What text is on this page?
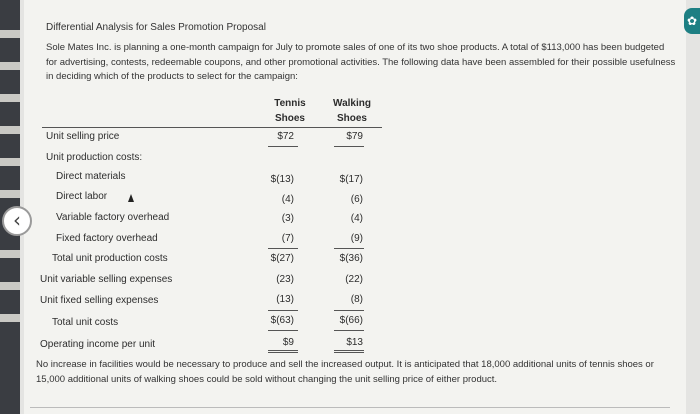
✿
Differential Analysis for Sales Promotion Proposal
Sole Mates Inc. is planning a one-month campaign for July to promote sales of one of its two shoe products. A total of $113,000 has been budgeted for advertising, contests, redeemable coupons, and other promotional activities. The following data have been assembled for their possible usefulness in deciding which of the products to select for the campaign:
Tennis
Shoes
Walking
Shoes
Unit selling price
Unit production costs:
Direct materials
Direct labor
Variable factory overhead
Fixed factory overhead
Total unit production costs
Unit variable selling expenses
Unit fixed selling expenses
Total unit costs
Operating income per unit
$72
$(13)
(4)
(3)
(7)
$(27)
(23)
(13)
$(63)
$9
$79
$(17)
(6)
(4)
(9)
$(36)
(22)
(8)
$(66)
$13
No increase in facilities would be necessary to produce and sell the increased output. It is anticipated that 18,000 additional units of tennis shoes or 15,000 additional units of walking shoes could be sold without changing the unit selling price of either product.
‹
